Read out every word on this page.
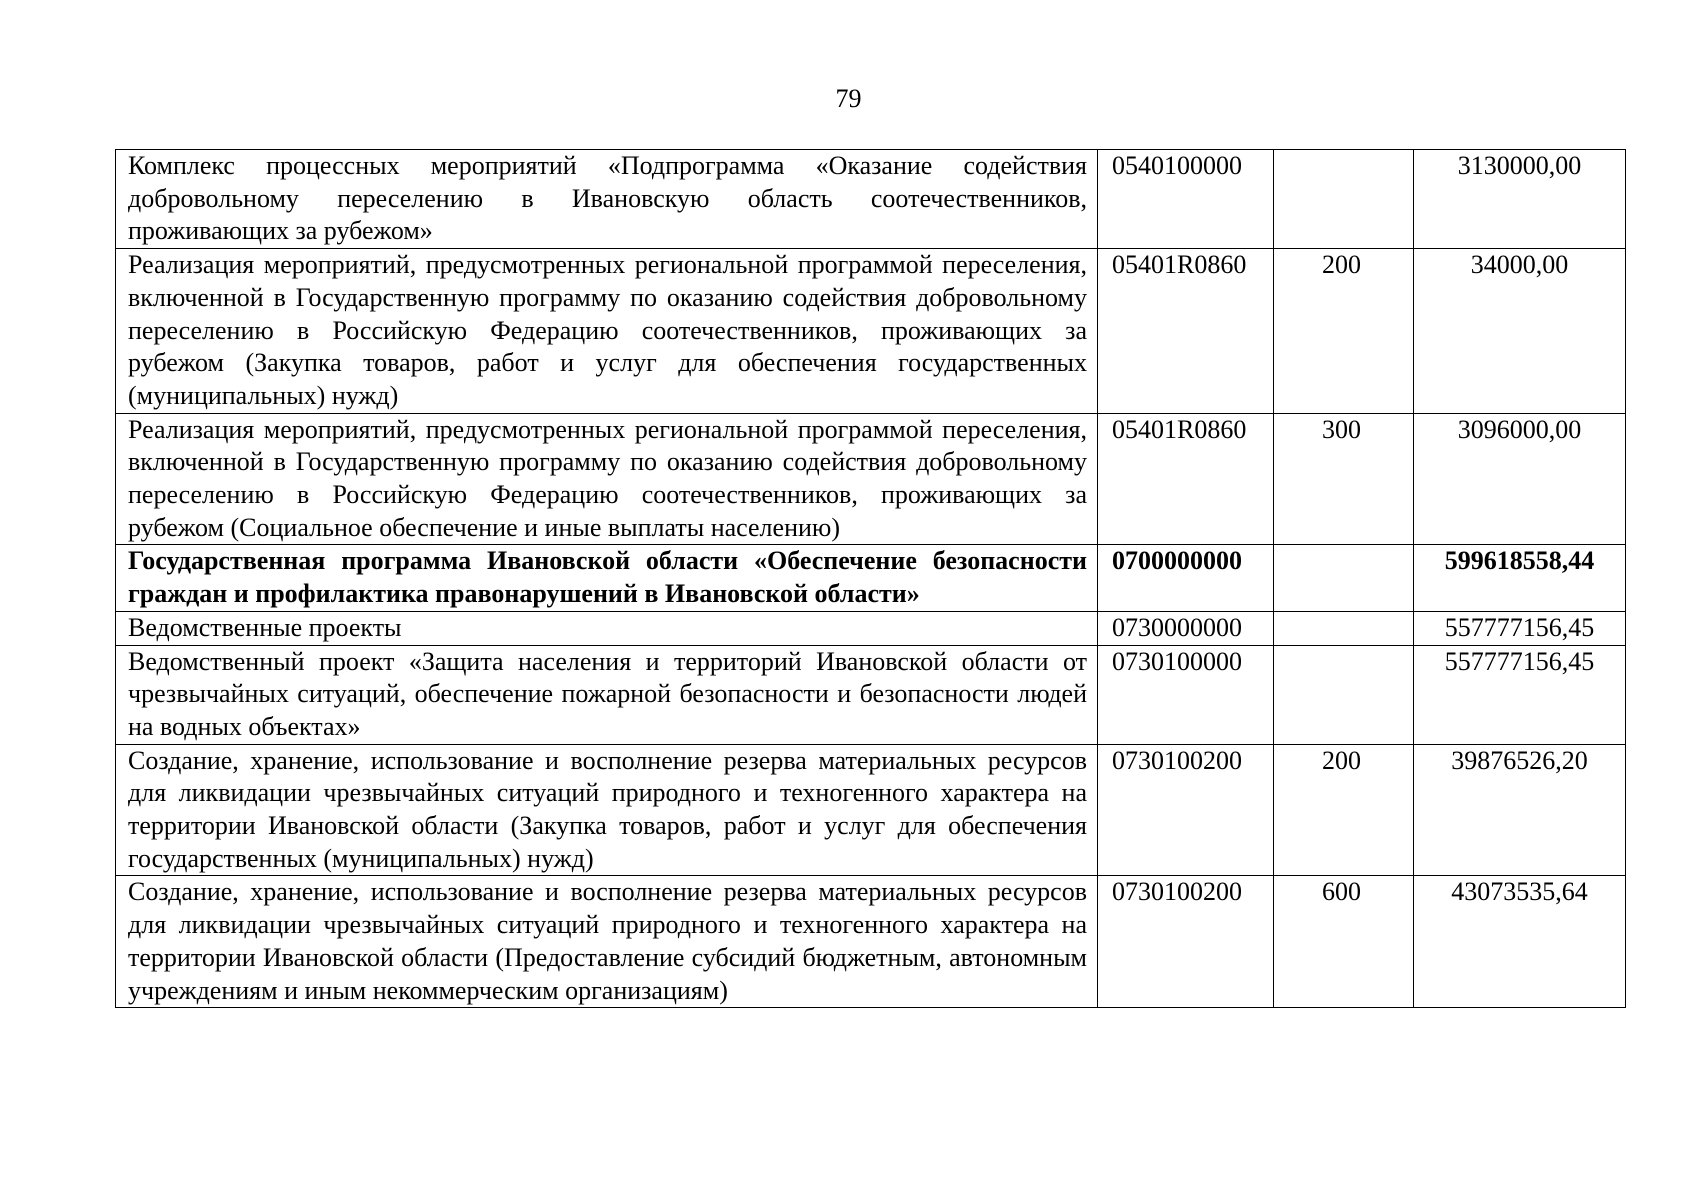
79
Комплекс процессных мероприятий «Подпрограмма «Оказание содействия добровольному переселению в Ивановскую область соотечественников, проживающих за рубежом»	0540100000		3130000,00
Реализация мероприятий, предусмотренных региональной программой переселения, включенной в Государственную программу по оказанию содействия добровольному переселению в Российскую Федерацию соотечественников, проживающих за рубежом (Закупка товаров, работ и услуг для обеспечения государственных (муниципальных) нужд)	05401R0860	200	34000,00
Реализация мероприятий, предусмотренных региональной программой переселения, включенной в Государственную программу по оказанию содействия добровольному переселению в Российскую Федерацию соотечественников, проживающих за рубежом (Социальное обеспечение и иные выплаты населению)	05401R0860	300	3096000,00
Государственная программа Ивановской области «Обеспечение безопасности граждан и профилактика правонарушений в Ивановской области»	0700000000		599618558,44
Ведомственные проекты	0730000000		557777156,45
Ведомственный проект «Защита населения и территорий Ивановской области от чрезвычайных ситуаций, обеспечение пожарной безопасности и безопасности людей на водных объектах»	0730100000		557777156,45
Создание, хранение, использование и восполнение резерва материальных ресурсов для ликвидации чрезвычайных ситуаций природного и техногенного характера на территории Ивановской области (Закупка товаров, работ и услуг для обеспечения государственных (муниципальных) нужд)	0730100200	200	39876526,20
Создание, хранение, использование и восполнение резерва материальных ресурсов для ликвидации чрезвычайных ситуаций природного и техногенного характера на территории Ивановской области (Предоставление субсидий бюджетным, автономным учреждениям и иным некоммерческим организациям)	0730100200	600	43073535,64
